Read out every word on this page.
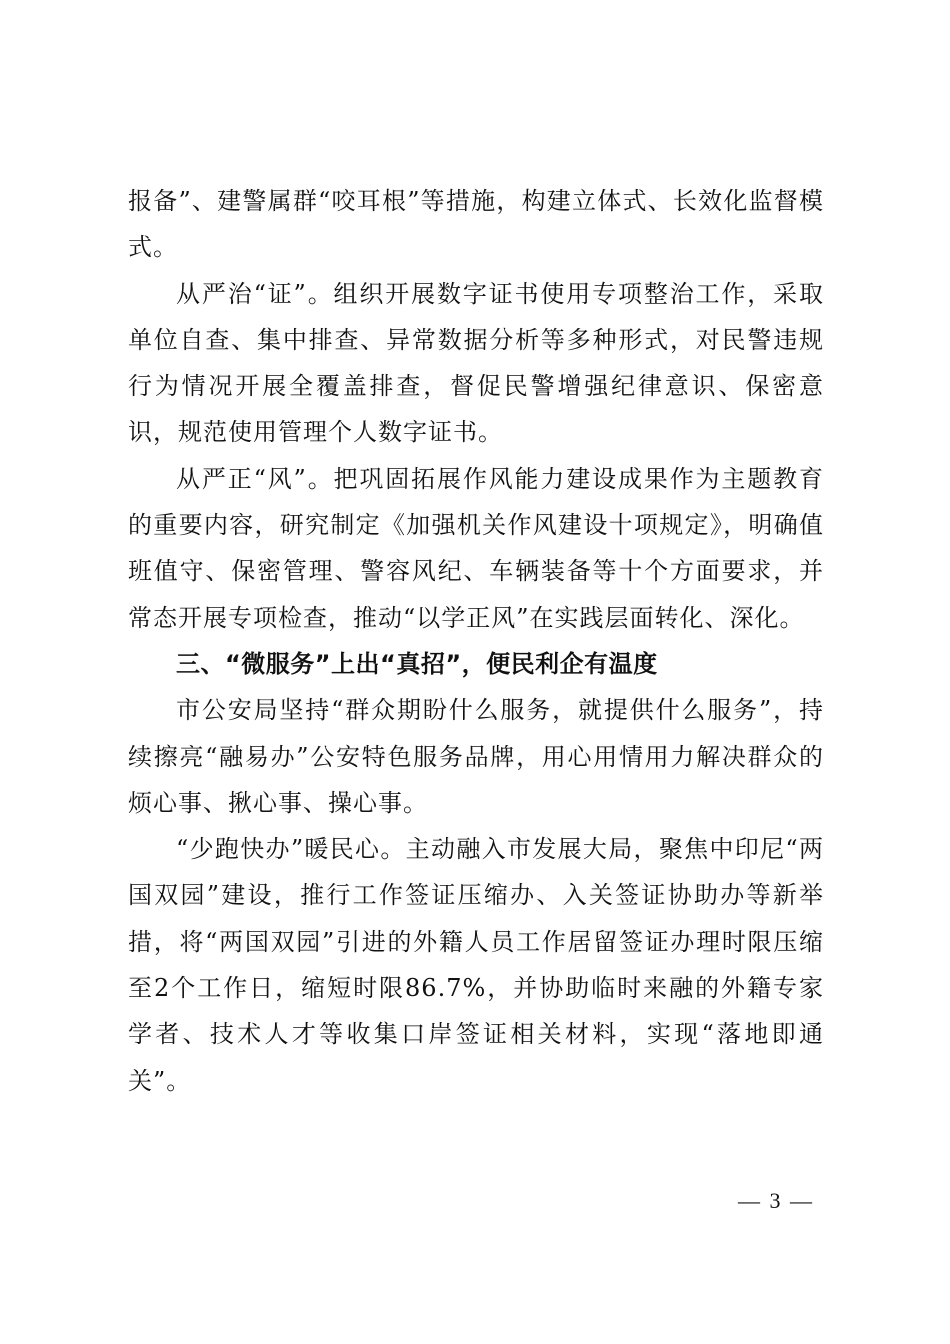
报备”、建警属群“咬耳根”等措施，构建立体式、长效化监督模式。

从严治“证”。组织开展数字证书使用专项整治工作，采取单位自查、集中排查、异常数据分析等多种形式，对民警违规行为情况开展全覆盖排查，督促民警增强纪律意识、保密意识，规范使用管理个人数字证书。

从严正“风”。把巩固拓展作风能力建设成果作为主题教育的重要内容，研究制定《加强机关作风建设十项规定》，明确值班值守、保密管理、警容风纪、车辆装备等十个方面要求，并常态开展专项检查，推动“以学正风”在实践层面转化、深化。

三、“微服务”上出“真招”，便民利企有温度

市公安局坚持“群众期盼什么服务，就提供什么服务”，持续擦亮“融易办”公安特色服务品牌，用心用情用力解决群众的烦心事、揪心事、操心事。

“少跑快办”暖民心。主动融入市发展大局，聚焦中印尼“两国双园”建设，推行工作签证压缩办、入关签证协助办等新举措，将“两国双园”引进的外籍人员工作居留签证办理时限压缩至2个工作日，缩短时限86.7%，并协助临时来融的外籍专家学者、技术人才等收集口岸签证相关材料，实现“落地即通关”。

— 3 —
